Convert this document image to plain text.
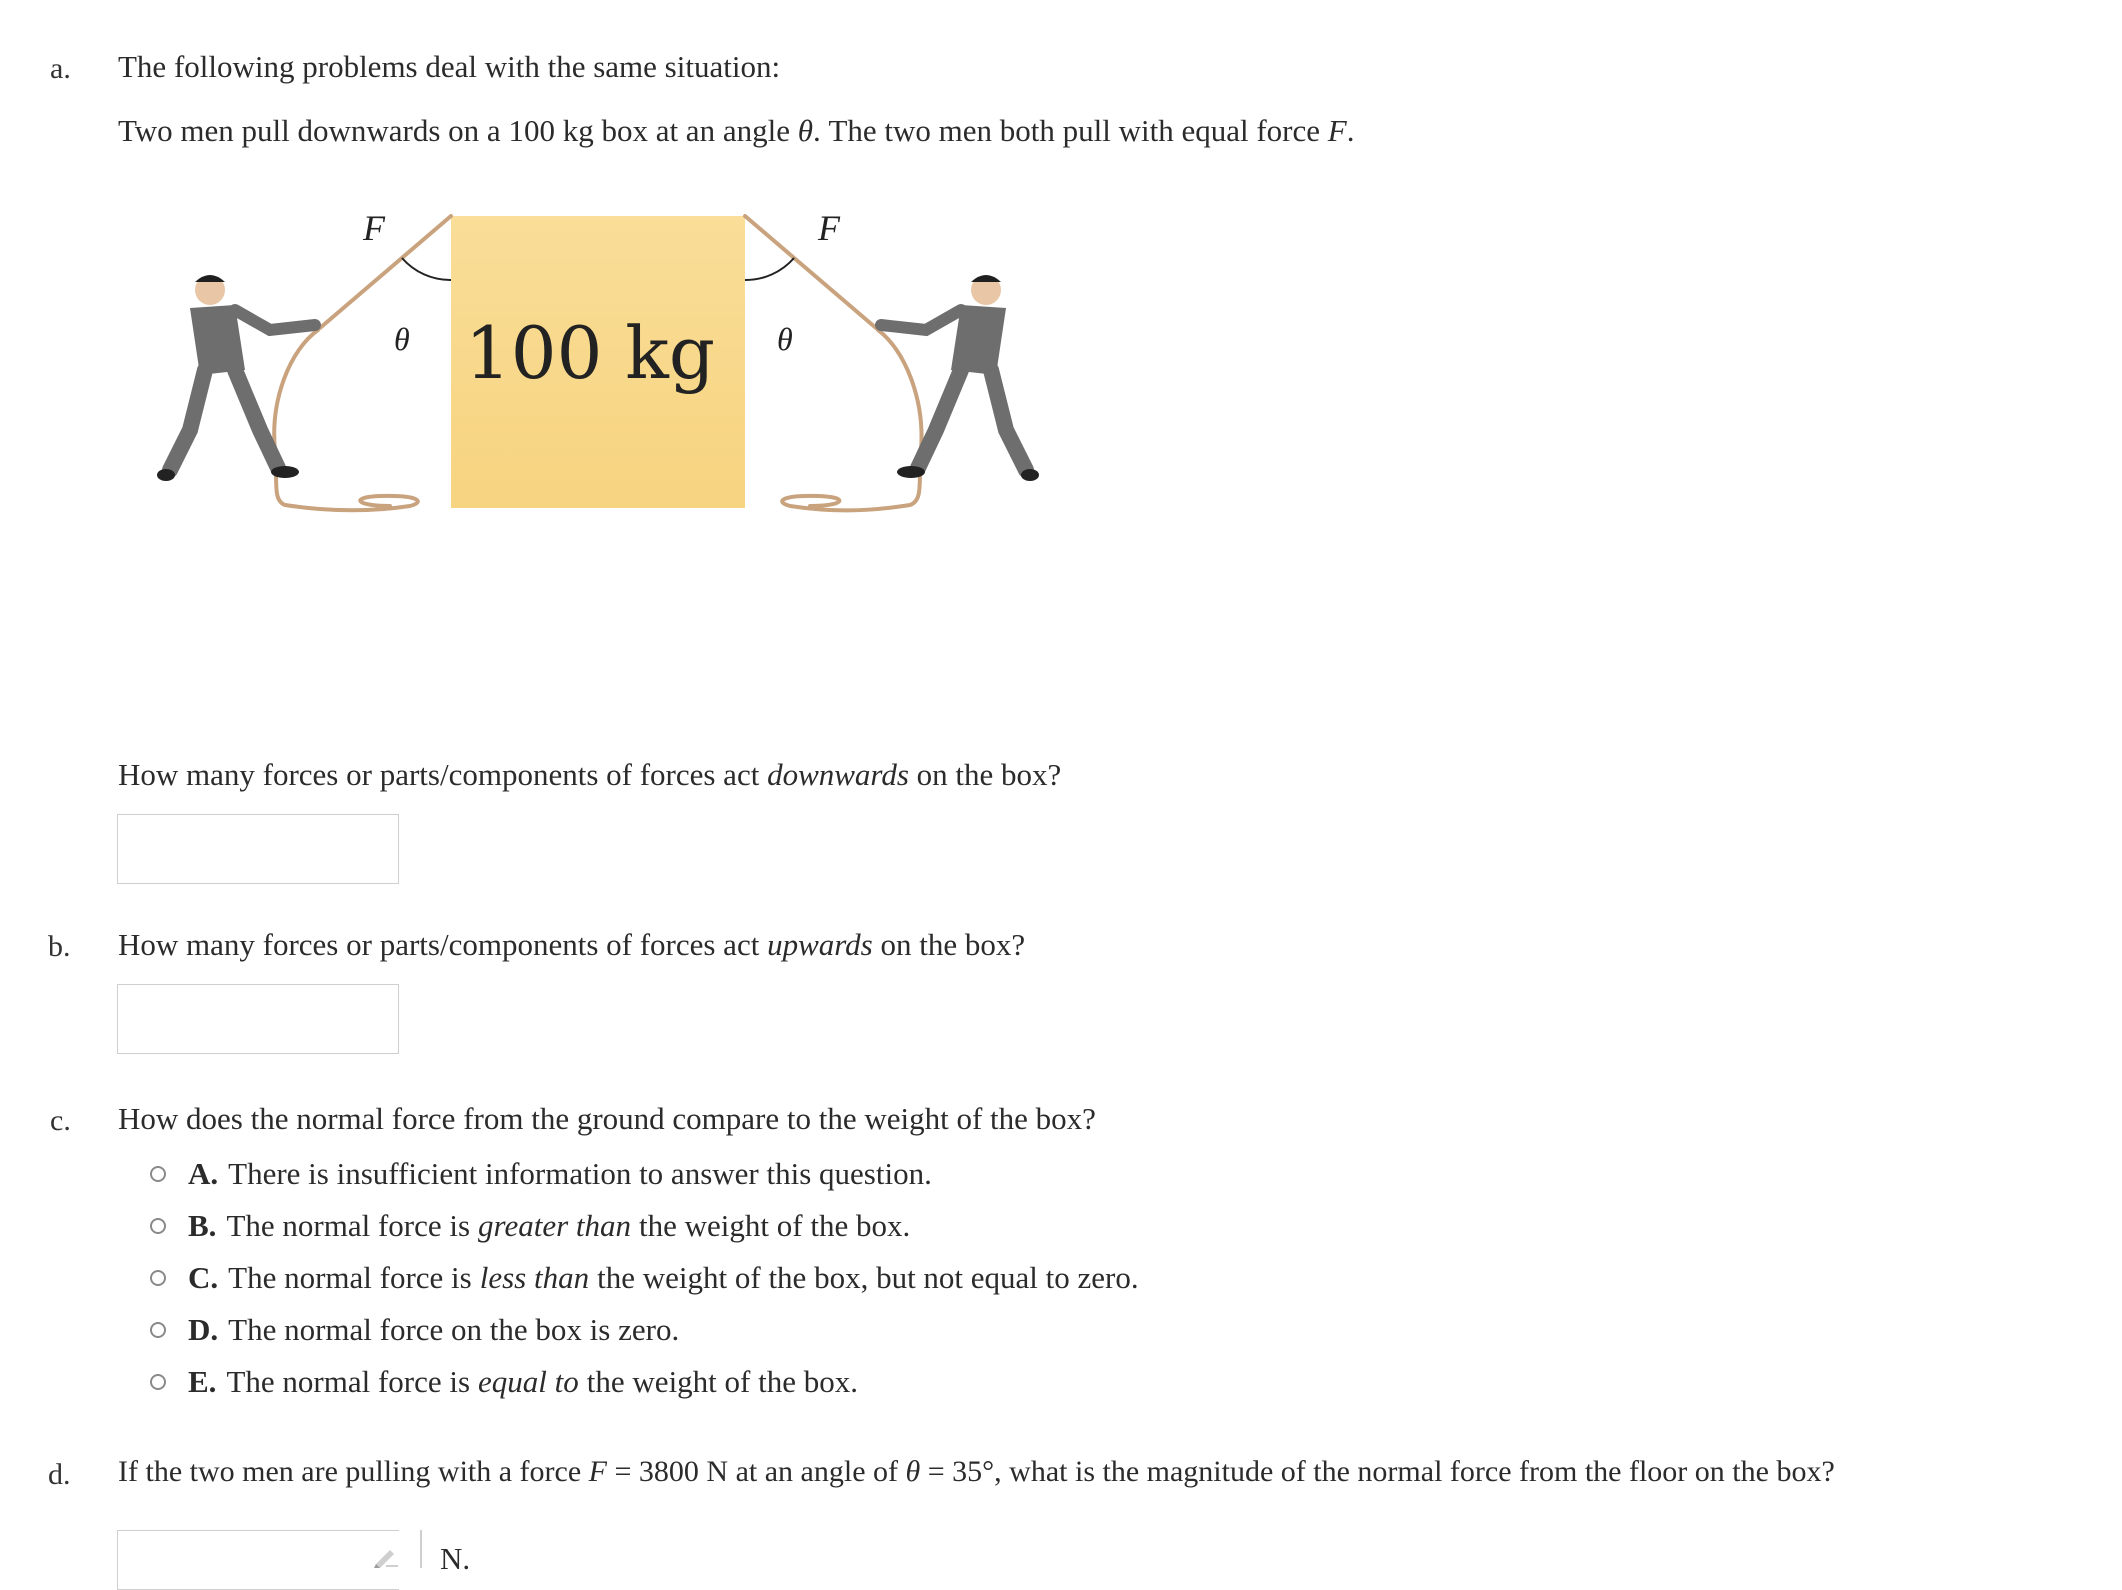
a. The following problems deal with the same situation:
Two men pull downwards on a 100 kg box at an angle θ. The two men both pull with equal force F.
100 kg
F	F
θ	θ
How many forces or parts/components of forces act downwards on the box?
b. How many forces or parts/components of forces act upwards on the box?
c. How does the normal force from the ground compare to the weight of the box?
A. There is insufficient information to answer this question.
B. The normal force is greater than the weight of the box.
C. The normal force is less than the weight of the box, but not equal to zero.
D. The normal force on the box is zero.
E. The normal force is equal to the weight of the box.
d. If the two men are pulling with a force F = 3800 N at an angle of θ = 35°, what is the magnitude of the normal force from the floor on the box?
N.
